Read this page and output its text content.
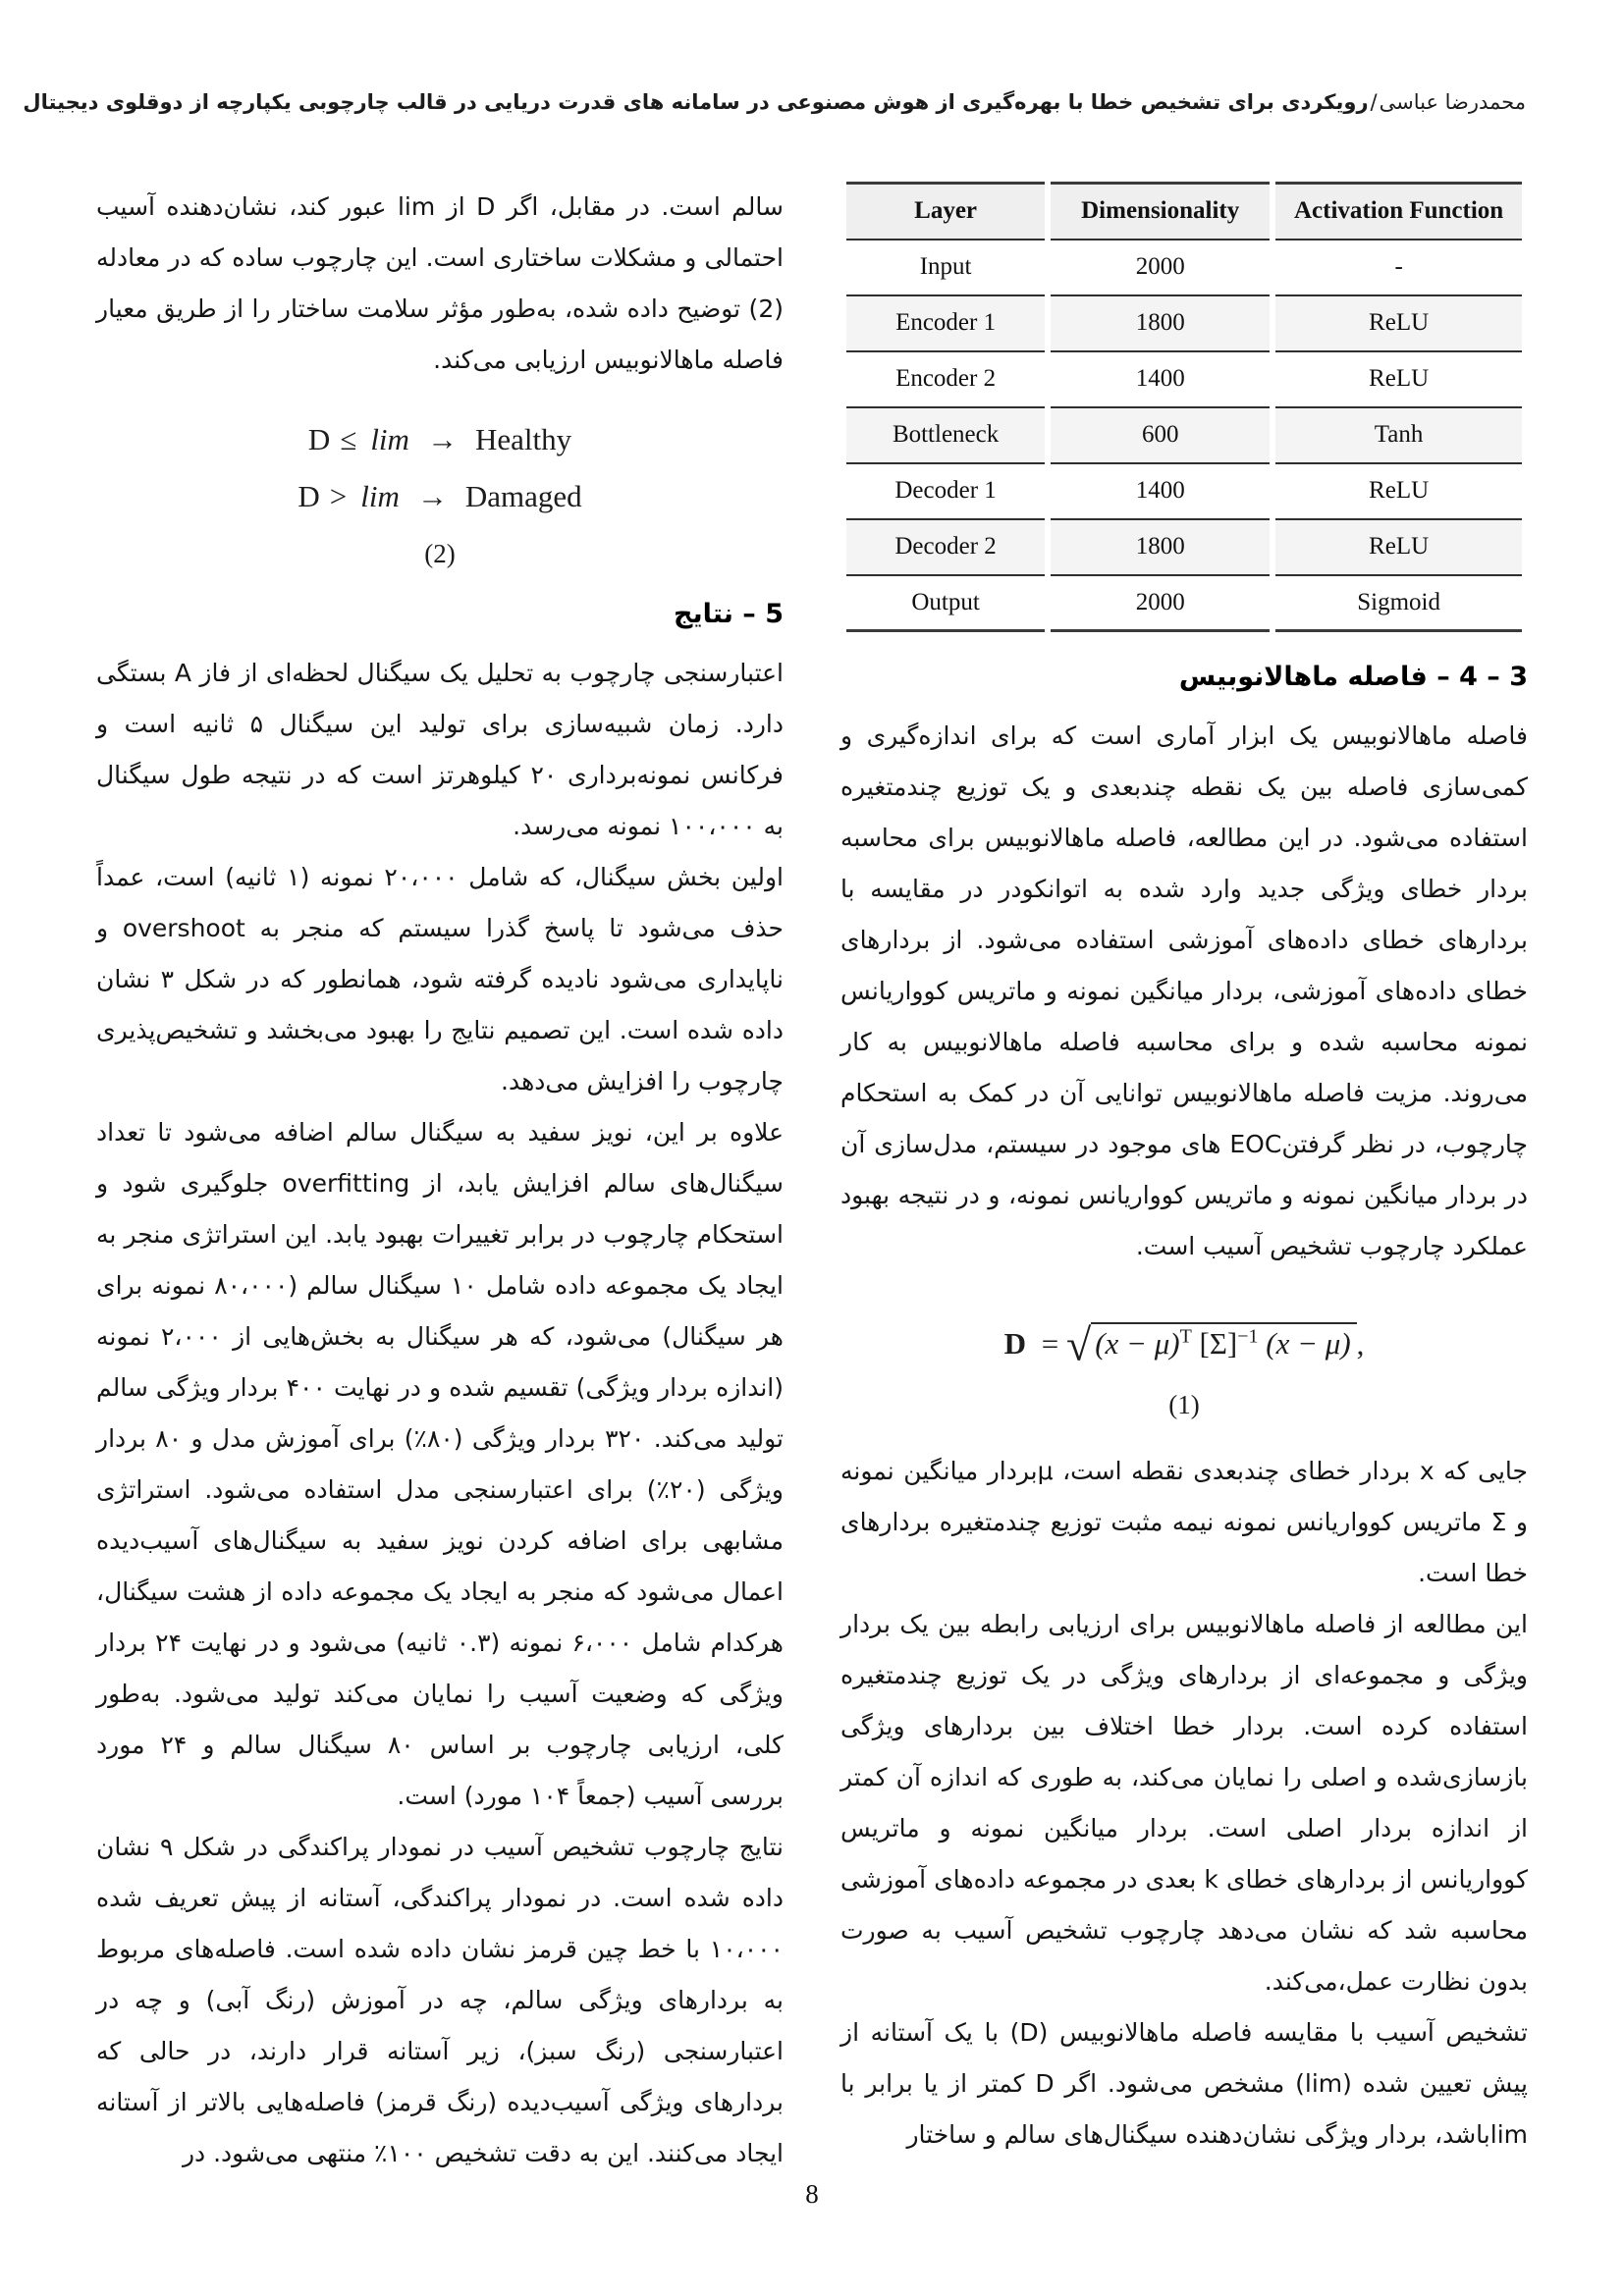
محمدرضا عباسی/رویکردی برای تشخیص خطا با بهره‌گیری از هوش مصنوعی در سامانه های قدرت دریایی در قالب چارچوبی یکپارچه از دوقلوی دیجیتال
Layer	Dimensionality	Activation Function
Input	2000	-
Encoder 1	1800	ReLU
Encoder 2	1400	ReLU
Bottleneck	600	Tanh
Decoder 1	1400	ReLU
Decoder 2	1800	ReLU
Output	2000	Sigmoid
3 – 4 – فاصله ماهالانوبیس

فاصله ماهالانوبیس یک ابزار آماری است که برای اندازه‌گیری و کمی‌سازی فاصله بین یک نقطه چندبعدی و یک توزیع چندمتغیره استفاده می‌شود. در این مطالعه، فاصله ماهالانوبیس برای محاسبه بردار خطای ویژگی جدید وارد شده به اتوانکودر در مقایسه با بردارهای خطای داده‌های آموزشی استفاده می‌شود. از بردارهای خطای داده‌های آموزشی، بردار میانگین نمونه و ماتریس کوواریانس نمونه محاسبه شده و برای محاسبه فاصله ماهالانوبیس به کار می‌روند. مزیت فاصله ماهالانوبیس توانایی آن در کمک به استحکام چارچوب، در نظر گرفتنEOC های موجود در سیستم، مدل‌سازی آن در بردار میانگین نمونه و ماتریس کوواریانس نمونه، و در نتیجه بهبود عملکرد چارچوب تشخیص آسیب است.

D = √ $(x - \mu)^T$ $[\Sigma]^{-1}$ (x − μ) ,
(1)

جایی که x بردار خطای چندبعدی نقطه است، μبردار میانگین نمونه و Σ ماتریس کوواریانس نمونه نیمه مثبت توزیع چندمتغیره بردارهای خطا است.

این مطالعه از فاصله ماهالانوبیس برای ارزیابی رابطه بین یک بردار ویژگی و مجموعه‌ای از بردارهای ویژگی در یک توزیع چندمتغیره استفاده کرده است. بردار خطا اختلاف بین بردارهای ویژگی بازسازی‌شده و اصلی را نمایان می‌کند، به طوری که اندازه آن کمتر از اندازه بردار اصلی است. بردار میانگین نمونه و ماتریس کوواریانس از بردارهای خطای k بعدی در مجموعه داده‌های آموزشی محاسبه شد که نشان می‌دهد چارچوب تشخیص آسیب به صورت بدون نظارت عمل،می‌کند.

تشخیص آسیب با مقایسه فاصله ماهالانوبیس (D) با یک آستانه از پیش تعیین شده (lim) مشخص می‌شود. اگر D کمتر از یا برابر با limباشد، بردار ویژگی نشان‌دهنده سیگنال‌های سالم و ساختار

سالم است. در مقابل، اگر D از lim عبور کند، نشان‌دهنده آسیب احتمالی و مشکلات ساختاری است. این چارچوب ساده که در معادله (2) توضیح داده شده، به‌طور مؤثر سلامت ساختار را از طریق معیار فاصله ماهالانوبیس ارزیابی می‌کند.

D ≤ lim → Healthy
D > lim → Damaged
(2)
5 – نتایج

اعتبارسنجی چارچوب به تحلیل یک سیگنال لحظه‌ای از فاز A بستگی دارد. زمان شبیه‌سازی برای تولید این سیگنال ۵ ثانیه است و فرکانس نمونه‌برداری ۲۰ کیلوهرتز است که در نتیجه طول سیگنال به ۱۰۰،۰۰۰ نمونه می‌رسد.

اولین بخش سیگنال، که شامل ۲۰،۰۰۰ نمونه (۱ ثانیه) است، عمداً حذف می‌شود تا پاسخ گذرا سیستم که منجر به overshoot و ناپایداری می‌شود نادیده گرفته شود، همانطور که در شکل ۳ نشان داده شده است. این تصمیم نتایج را بهبود می‌بخشد و تشخیص‌پذیری چارچوب را افزایش می‌دهد.

علاوه بر این، نویز سفید به سیگنال سالم اضافه می‌شود تا تعداد سیگنال‌های سالم افزایش یابد، از overfitting جلوگیری شود و استحکام چارچوب در برابر تغییرات بهبود یابد. این استراتژی منجر به ایجاد یک مجموعه داده شامل ۱۰ سیگنال سالم (۸۰،۰۰۰ نمونه برای هر سیگنال) می‌شود، که هر سیگنال به بخش‌هایی از ۲،۰۰۰ نمونه (اندازه بردار ویژگی) تقسیم شده و در نهایت ۴۰۰ بردار ویژگی سالم تولید می‌کند. ۳۲۰ بردار ویژگی (۸۰٪) برای آموزش مدل و ۸۰ بردار ویژگی (۲۰٪) برای اعتبارسنجی مدل استفاده می‌شود. استراتژی مشابهی برای اضافه کردن نویز سفید به سیگنال‌های آسیب‌دیده اعمال می‌شود که منجر به ایجاد یک مجموعه داده از هشت سیگنال، هرکدام شامل ۶،۰۰۰ نمونه (۰.۳ ثانیه) می‌شود و در نهایت ۲۴ بردار ویژگی که وضعیت آسیب را نمایان می‌کند تولید می‌شود. به‌طور کلی، ارزیابی چارچوب بر اساس ۸۰ سیگنال سالم و ۲۴ مورد بررسی آسیب (جمعاً ۱۰۴ مورد) است.

نتایج چارچوب تشخیص آسیب در نمودار پراکندگی در شکل ۹ نشان داده شده است. در نمودار پراکندگی، آستانه از پیش تعریف شده ۱۰،۰۰۰ با خط چین قرمز نشان داده شده است. فاصله‌های مربوط به بردارهای ویژگی سالم، چه در آموزش (رنگ آبی) و چه در اعتبارسنجی (رنگ سبز)، زیر آستانه قرار دارند، در حالی که بردارهای ویژگی آسیب‌دیده (رنگ قرمز) فاصله‌هایی بالاتر از آستانه ایجاد می‌کنند. این به دقت تشخیص ۱۰۰٪ منتهی می‌شود. در

8
